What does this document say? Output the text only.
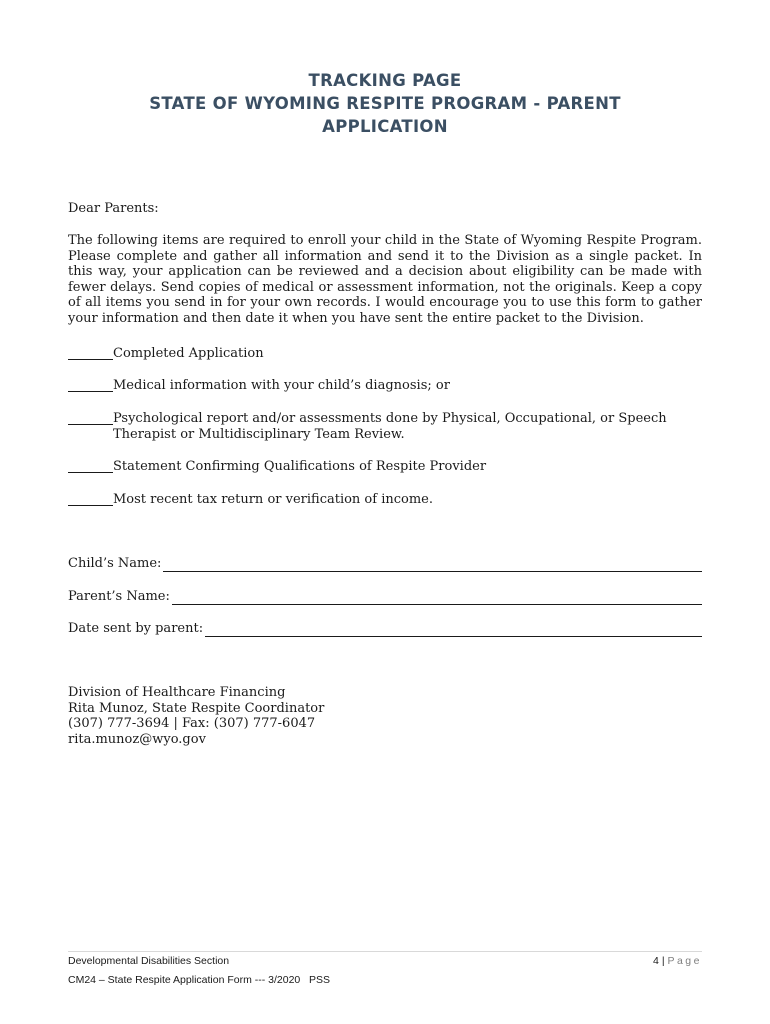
TRACKING PAGE
STATE OF WYOMING RESPITE PROGRAM - PARENT
APPLICATION
Dear Parents:
The following items are required to enroll your child in the State of Wyoming Respite Program. Please complete and gather all information and send it to the Division as a single packet. In this way, your application can be reviewed and a decision about eligibility can be made with fewer delays. Send copies of medical or assessment information, not the originals. Keep a copy of all items you send in for your own records. I would encourage you to use this form to gather your information and then date it when you have sent the entire packet to the Division.
Completed Application
Medical information with your child’s diagnosis; or
Psychological report and/or assessments done by Physical, Occupational, or Speech Therapist or Multidisciplinary Team Review.
Statement Confirming Qualifications of Respite Provider
Most recent tax return or verification of income.
Child’s Name:
Parent’s Name:
Date sent by parent:
Division of Healthcare Financing
Rita Munoz, State Respite Coordinator
(307) 777-3694 | Fax: (307) 777-6047
rita.munoz@wyo.gov
Developmental Disabilities Section
CM24 – State Respite Application Form --- 3/2020   PSS
4 | Page
